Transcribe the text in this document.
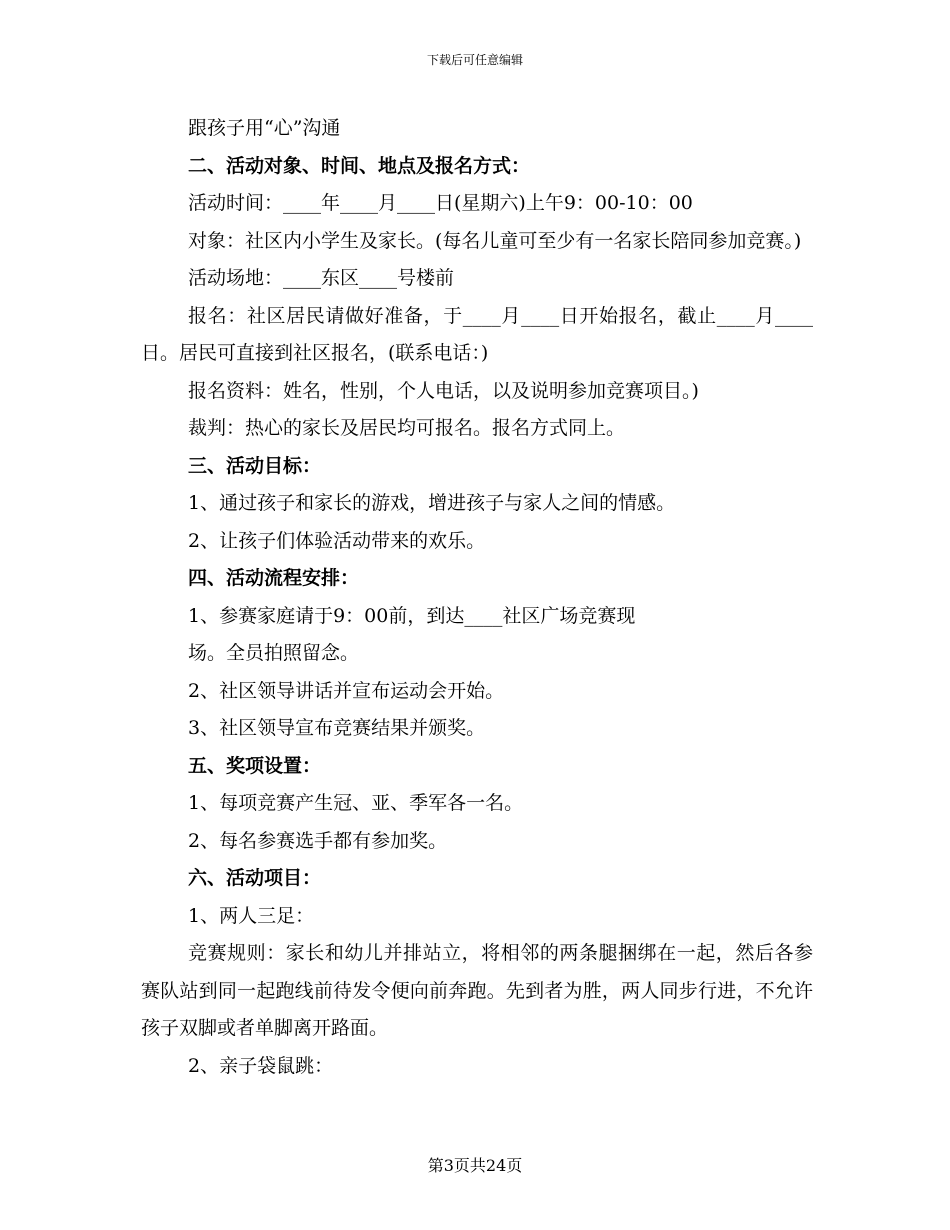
下载后可任意编辑

跟孩子用“心”沟通

二、活动对象、时间、地点及报名方式：

活动时间：____年____月____日(星期六)上午9：00-10：00

对象：社区内小学生及家长。(每名儿童可至少有一名家长陪同参加竞赛。)

活动场地：____东区____号楼前

报名：社区居民请做好准备，于____月____日开始报名，截止____月____日。居民可直接到社区报名，(联系电话：)

报名资料：姓名，性别，个人电话，以及说明参加竞赛项目。)

裁判：热心的家长及居民均可报名。报名方式同上。

三、活动目标：

1、通过孩子和家长的游戏，增进孩子与家人之间的情感。

2、让孩子们体验活动带来的欢乐。

四、活动流程安排：

1、参赛家庭请于9：00前，到达____社区广场竞赛现

场。全员拍照留念。

2、社区领导讲话并宣布运动会开始。

3、社区领导宣布竞赛结果并颁奖。

五、奖项设置：

1、每项竞赛产生冠、亚、季军各一名。

2、每名参赛选手都有参加奖。

六、活动项目：

1、两人三足：

竞赛规则：家长和幼儿并排站立，将相邻的两条腿捆绑在一起，然后各参赛队站到同一起跑线前待发令便向前奔跑。先到者为胜，两人同步行进，不允许孩子双脚或者单脚离开路面。

2、亲子袋鼠跳：

第3页共24页
